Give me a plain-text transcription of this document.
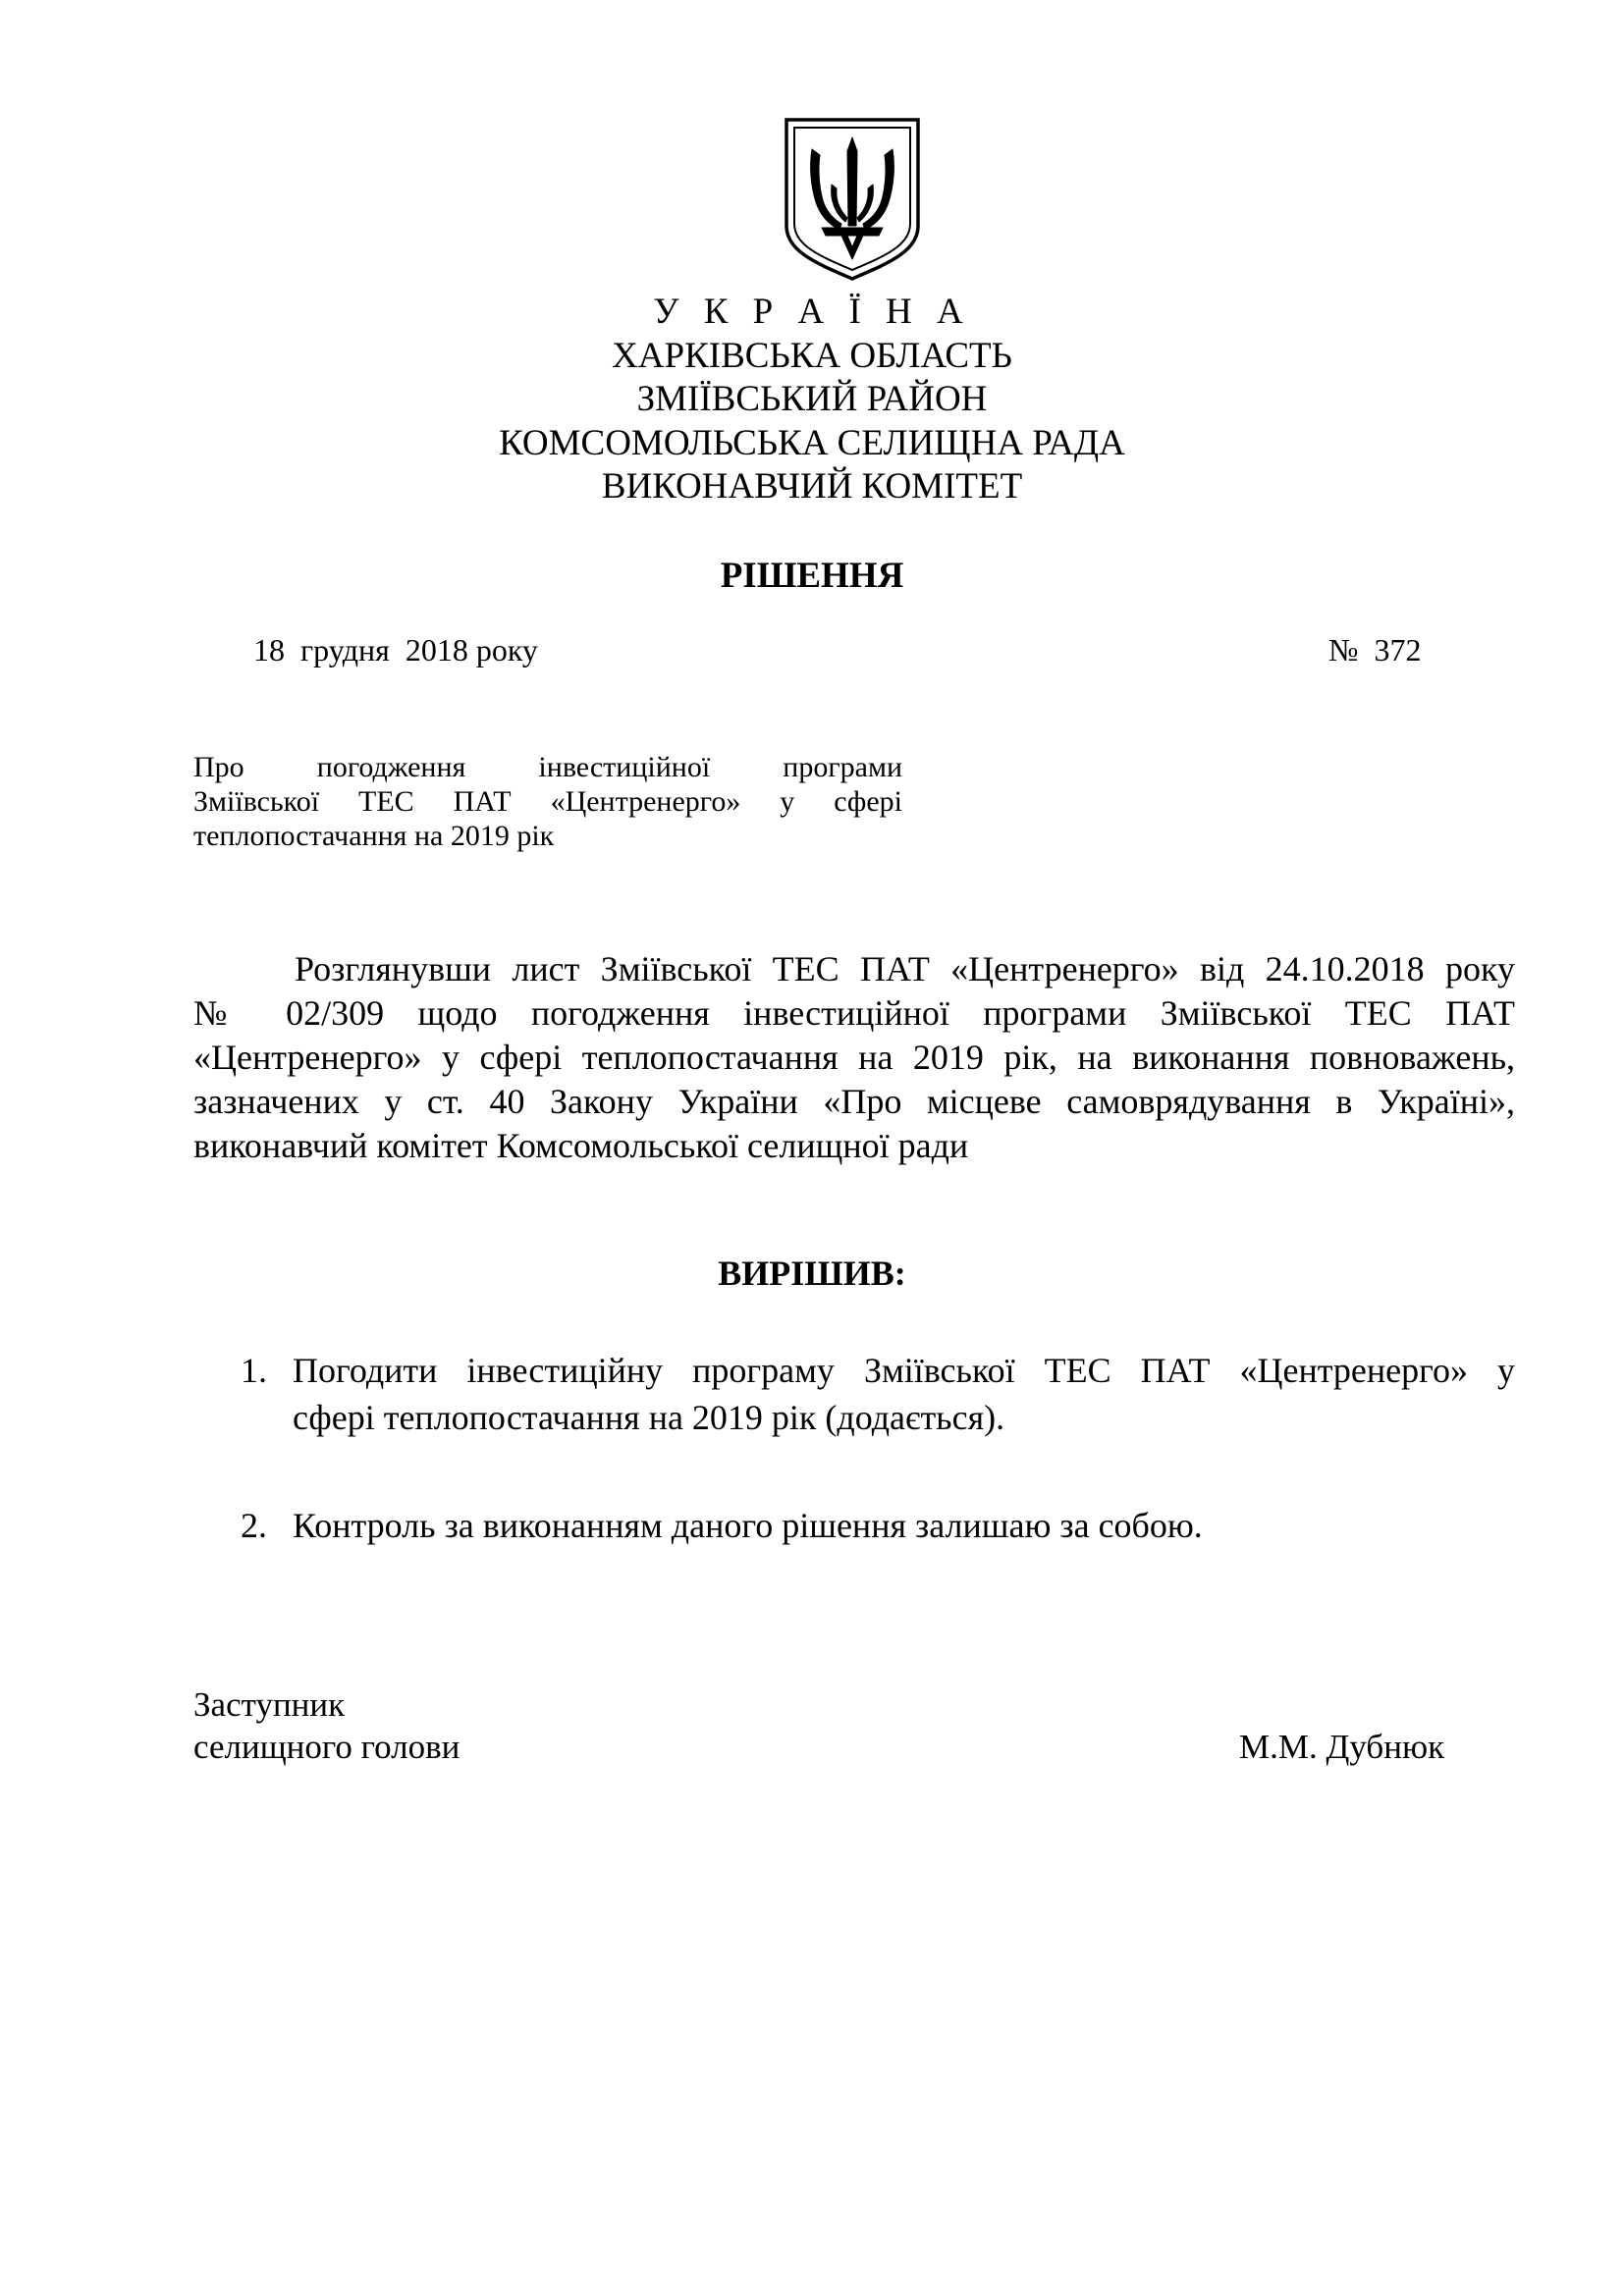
У К Р А Ї Н А
ХАРКІВСЬКА ОБЛАСТЬ
ЗМІЇВСЬКИЙ РАЙОН
КОМСОМОЛЬСЬКА СЕЛИЩНА РАДА
ВИКОНАВЧИЙ КОМІТЕТ
РІШЕННЯ
18  грудня  2018 року	№  372
Про погодження інвестиційної програми
Зміївської ТЕС ПАТ «Центренерго» у сфері
теплопостачання на 2019 рік
Розглянувши лист Зміївської ТЕС ПАТ «Центренерго» від 24.10.2018 року
№ 02/309 щодо погодження інвестиційної програми Зміївської ТЕС ПАТ
«Центренерго» у сфері теплопостачання на 2019 рік, на виконання повноважень,
зазначених у ст. 40 Закону України «Про місцеве самоврядування в Україні»,
виконавчий комітет Комсомольської селищної ради
ВИРІШИВ:
1. Погодити інвестиційну програму Зміївської ТЕС ПАТ «Центренерго» у
сфері теплопостачання на 2019 рік (додається).
2. Контроль за виконанням даного рішення залишаю за собою.
Заступник
селищного голови	М.М. Дубнюк
